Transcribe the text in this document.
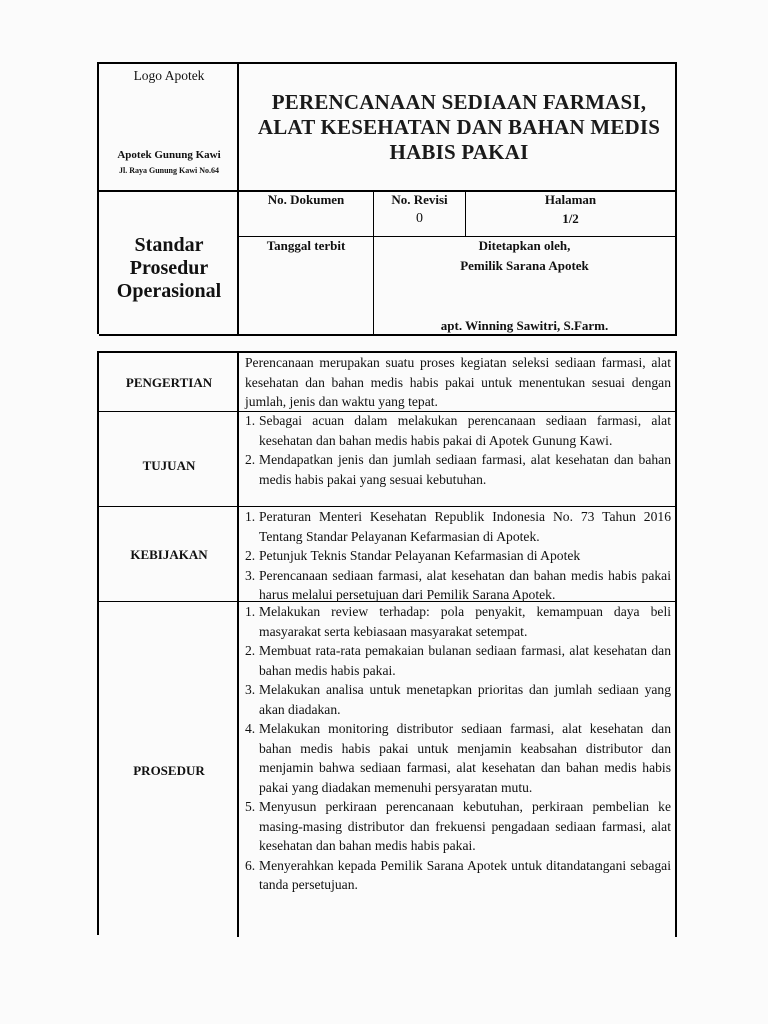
Logo Apotek
Apotek Gunung Kawi
Jl. Raya Gunung Kawi No.64
PERENCANAAN SEDIAAN FARMASI,
ALAT KESEHATAN DAN BAHAN MEDIS
HABIS PAKAI
Standar
Prosedur
Operasional
No. Dokumen	No. Revisi
0
Halaman
1/2
Tanggal terbit	Ditetapkan oleh,
Pemilik Sarana Apotek
apt. Winning Sawitri, S.Farm.
PENGERTIAN
Perencanaan merupakan suatu proses kegiatan seleksi sediaan farmasi, alat kesehatan dan bahan medis habis pakai untuk menentukan sesuai dengan jumlah, jenis dan waktu yang tepat.
TUJUAN
1. Sebagai acuan dalam melakukan perencanaan sediaan farmasi, alat kesehatan dan bahan medis habis pakai di Apotek Gunung Kawi.
2. Mendapatkan jenis dan jumlah sediaan farmasi, alat kesehatan dan bahan medis habis pakai yang sesuai kebutuhan.
KEBIJAKAN
1. Peraturan Menteri Kesehatan Republik Indonesia No. 73 Tahun 2016 Tentang Standar Pelayanan Kefarmasian di Apotek.
2. Petunjuk Teknis Standar Pelayanan Kefarmasian di Apotek
3. Perencanaan sediaan farmasi, alat kesehatan dan bahan medis habis pakai harus melalui persetujuan dari Pemilik Sarana Apotek.
PROSEDUR
1. Melakukan review terhadap: pola penyakit, kemampuan daya beli masyarakat serta kebiasaan masyarakat setempat.
2. Membuat rata-rata pemakaian bulanan sediaan farmasi, alat kesehatan dan bahan medis habis pakai.
3. Melakukan analisa untuk menetapkan prioritas dan jumlah sediaan yang akan diadakan.
4. Melakukan monitoring distributor sediaan farmasi, alat kesehatan dan bahan medis habis pakai untuk menjamin keabsahan distributor dan menjamin bahwa sediaan farmasi, alat kesehatan dan bahan medis habis pakai yang diadakan memenuhi persyaratan mutu.
5. Menyusun perkiraan perencanaan kebutuhan, perkiraan pembelian ke masing-masing distributor dan frekuensi pengadaan sediaan farmasi, alat kesehatan dan bahan medis habis pakai.
6. Menyerahkan kepada Pemilik Sarana Apotek untuk ditandatangani sebagai tanda persetujuan.
